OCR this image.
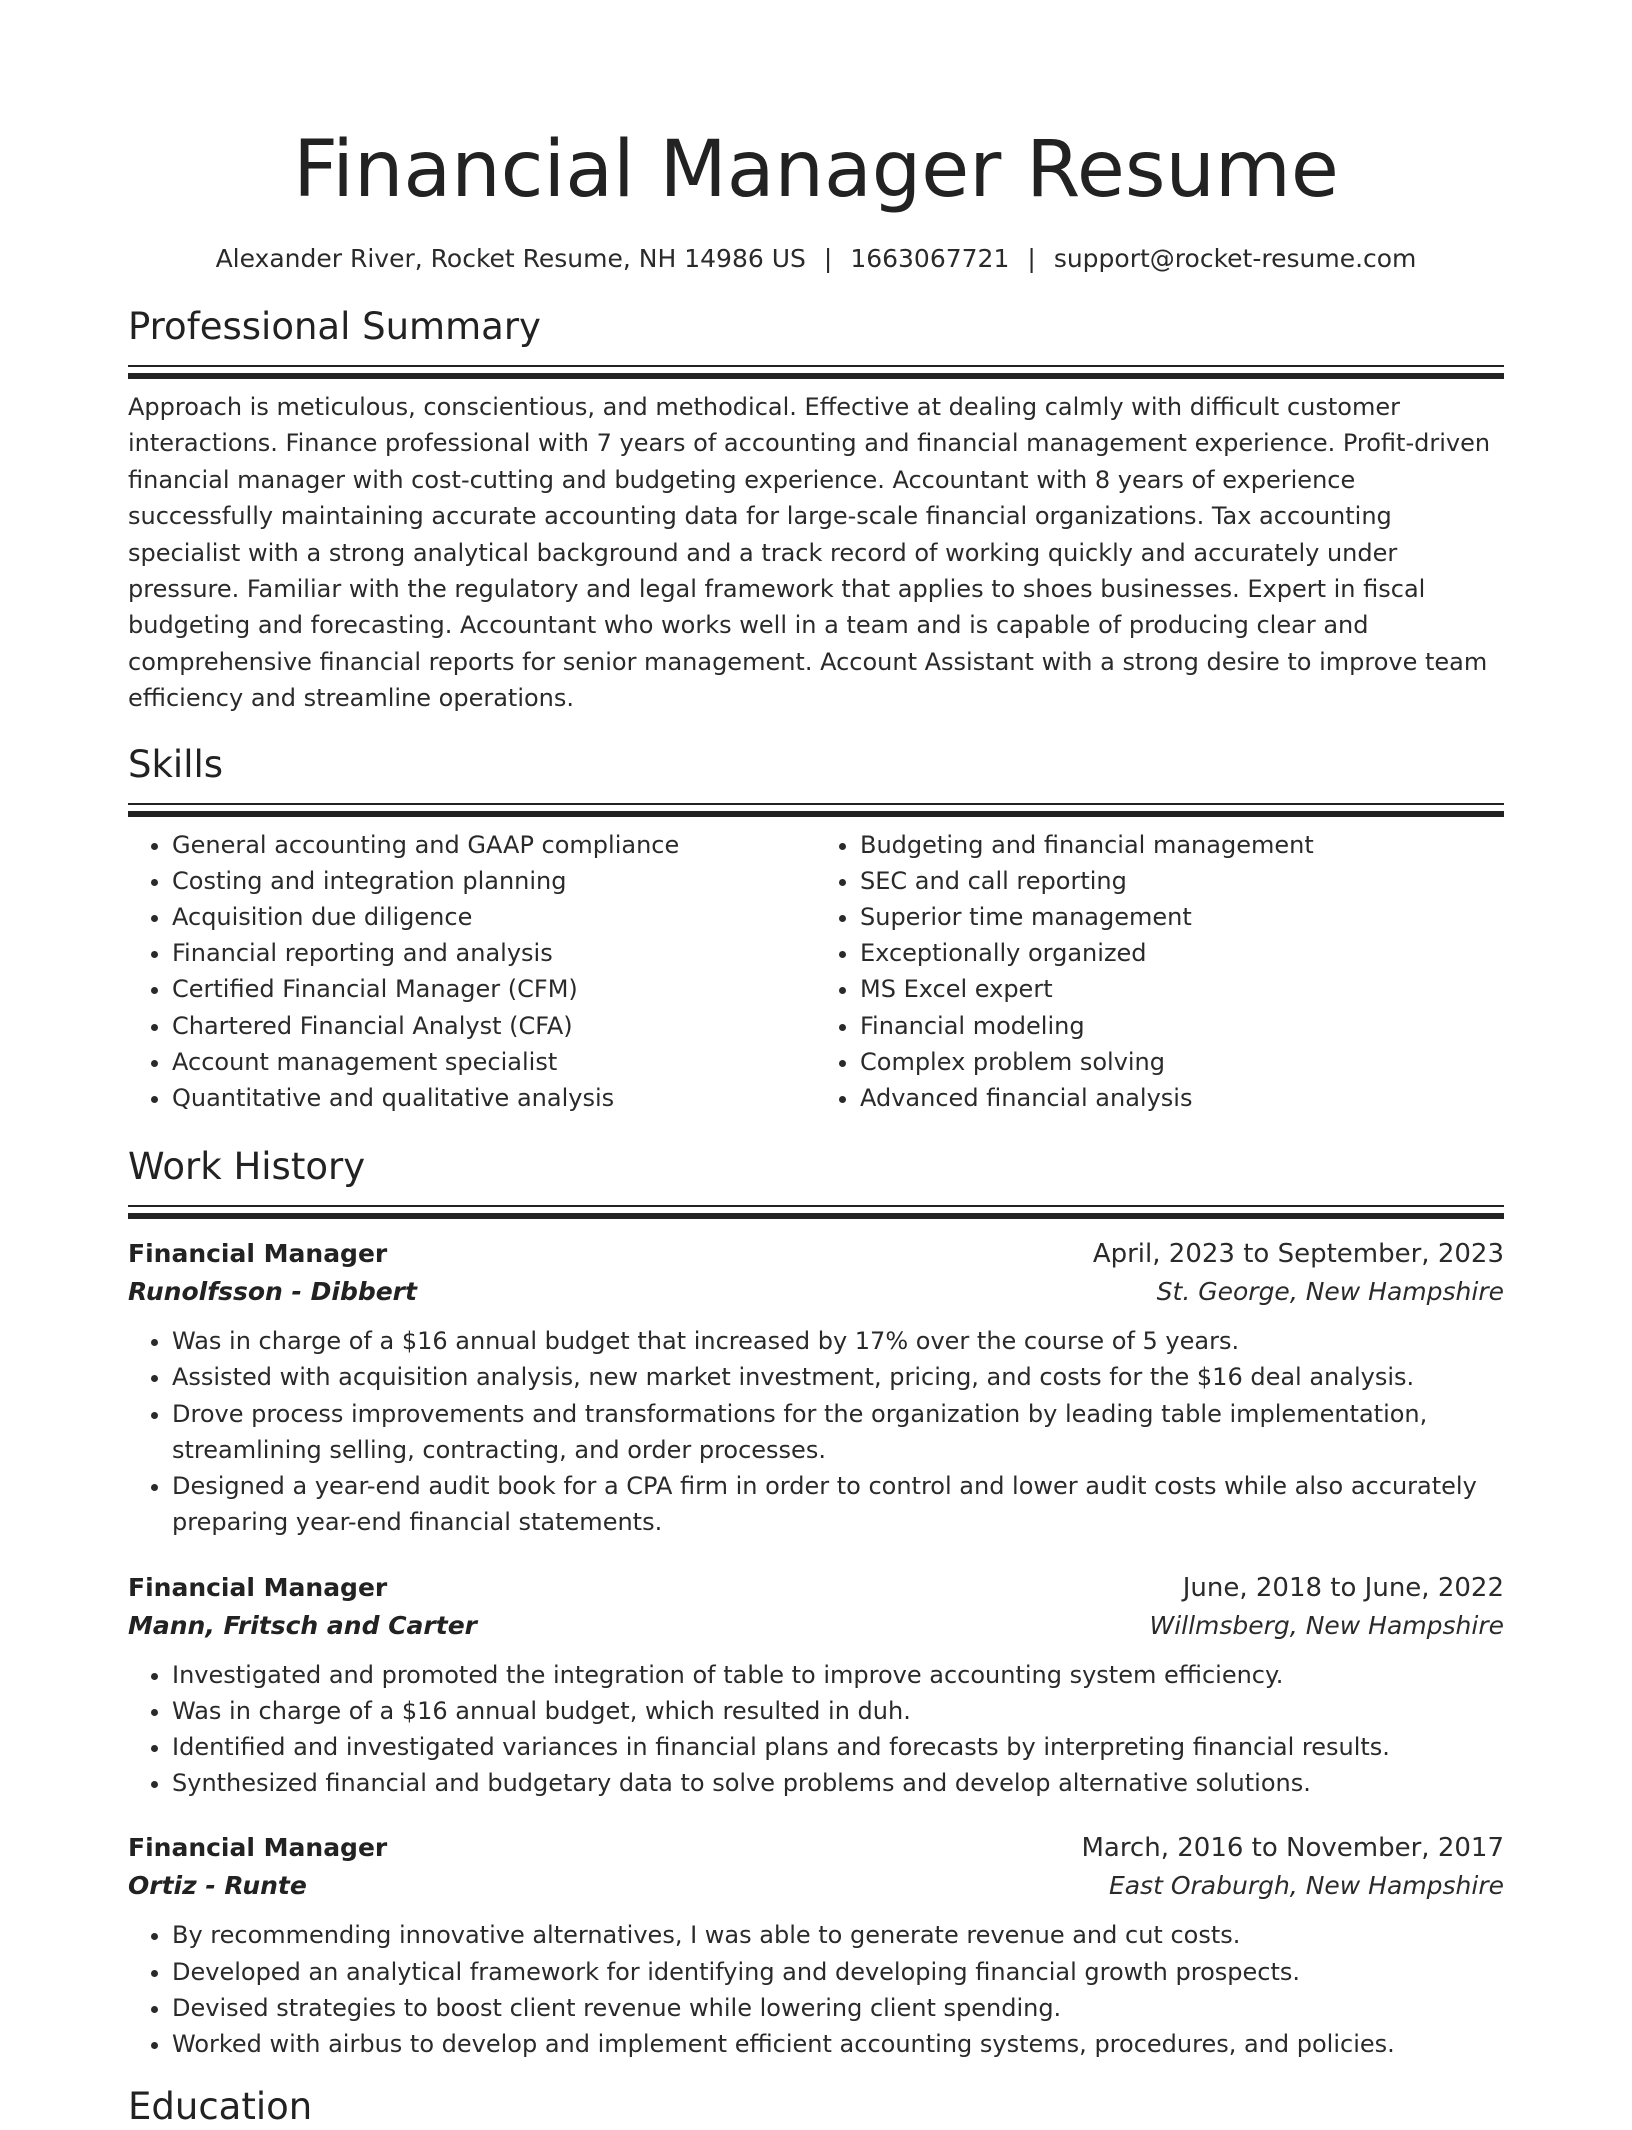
Financial Manager Resume
Alexander River, Rocket Resume, NH 14986 US | 1663067721 | support@rocket-resume.com
Professional Summary

Approach is meticulous, conscientious, and methodical. Effective at dealing calmly with difficult customer interactions. Finance professional with 7 years of accounting and financial management experience. Profit-driven financial manager with cost-cutting and budgeting experience. Accountant with 8 years of experience successfully maintaining accurate accounting data for large-scale financial organizations. Tax accounting specialist with a strong analytical background and a track record of working quickly and accurately under pressure. Familiar with the regulatory and legal framework that applies to shoes businesses. Expert in fiscal budgeting and forecasting. Accountant who works well in a team and is capable of producing clear and comprehensive financial reports for senior management. Account Assistant with a strong desire to improve team efficiency and streamline operations.

Skills
• General accounting and GAAP compliance
• Costing and integration planning
• Acquisition due diligence
• Financial reporting and analysis
• Certified Financial Manager (CFM)
• Chartered Financial Analyst (CFA)
• Account management specialist
• Quantitative and qualitative analysis
• Budgeting and financial management
• SEC and call reporting
• Superior time management
• Exceptionally organized
• MS Excel expert
• Financial modeling
• Complex problem solving
• Advanced financial analysis
Work History
Financial Manager	April, 2023 to September, 2023
Runolfsson - Dibbert	St. George, New Hampshire
• Was in charge of a $16 annual budget that increased by 17% over the course of 5 years.
• Assisted with acquisition analysis, new market investment, pricing, and costs for the $16 deal analysis.
• Drove process improvements and transformations for the organization by leading table implementation, streamlining selling, contracting, and order processes.
• Designed a year-end audit book for a CPA firm in order to control and lower audit costs while also accurately preparing year-end financial statements.
Financial Manager	June, 2018 to June, 2022
Mann, Fritsch and Carter	Willmsberg, New Hampshire
• Investigated and promoted the integration of table to improve accounting system efficiency.
• Was in charge of a $16 annual budget, which resulted in duh.
• Identified and investigated variances in financial plans and forecasts by interpreting financial results.
• Synthesized financial and budgetary data to solve problems and develop alternative solutions.
Financial Manager	March, 2016 to November, 2017
Ortiz - Runte	East Oraburgh, New Hampshire
• By recommending innovative alternatives, I was able to generate revenue and cut costs.
• Developed an analytical framework for identifying and developing financial growth prospects.
• Devised strategies to boost client revenue while lowering client spending.
• Worked with airbus to develop and implement efficient accounting systems, procedures, and policies.
Education
